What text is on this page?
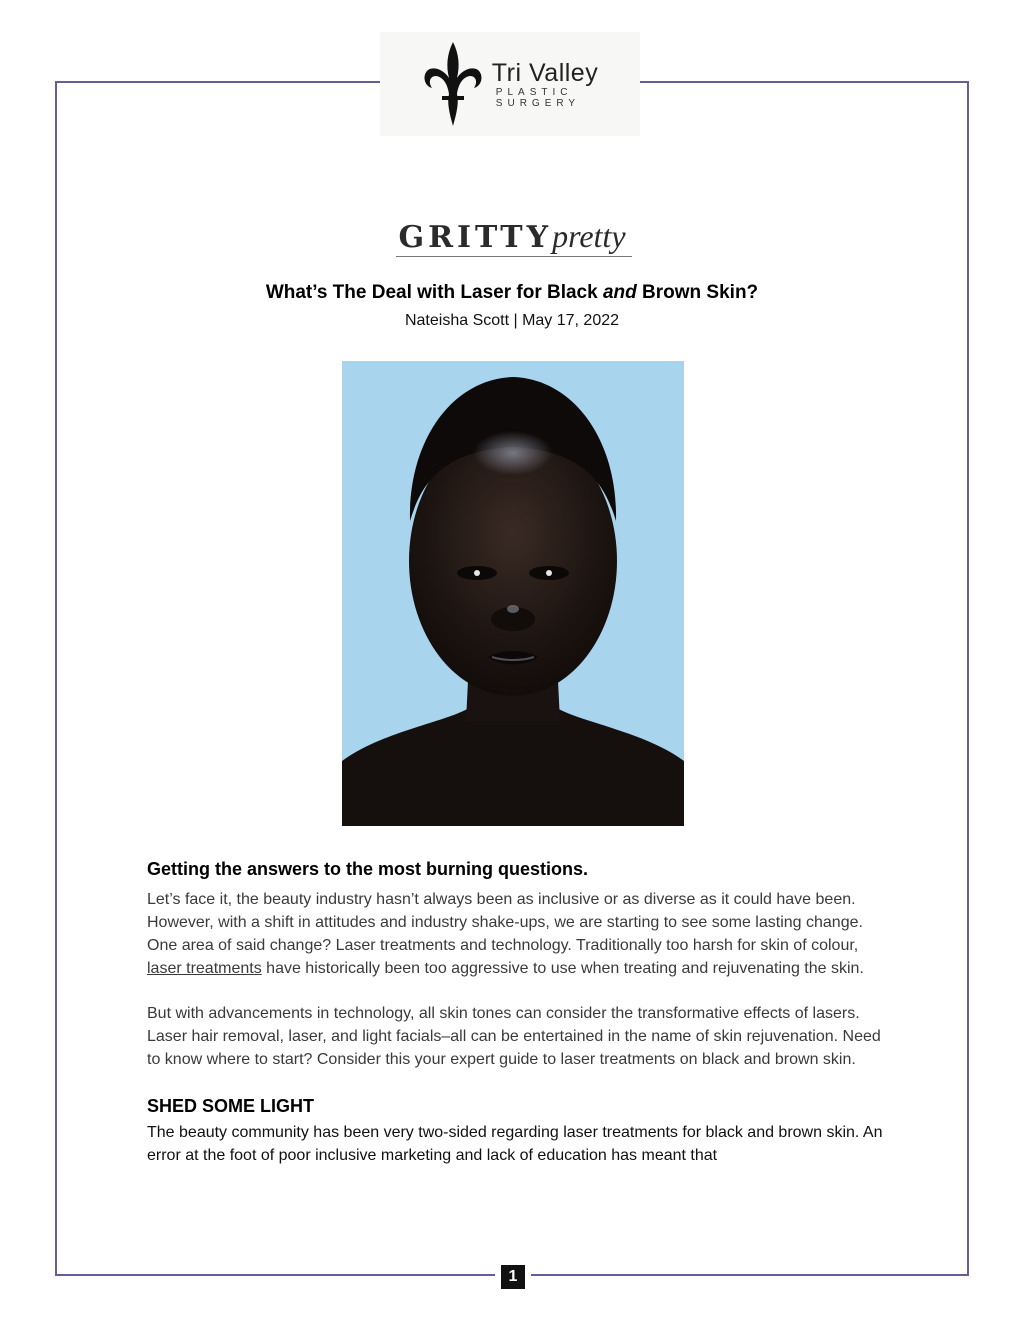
Tri Valley
PLASTIC
SURGERY
GRITTYpretty
What’s The Deal with Laser for Black and Brown Skin?
Nateisha Scott | May 17, 2022
Getting the answers to the most burning questions.

Let’s face it, the beauty industry hasn’t always been as inclusive or as diverse as it could have been. However, with a shift in attitudes and industry shake-ups, we are starting to see some lasting change. One area of said change? Laser treatments and technology. Traditionally too harsh for skin of colour, laser treatments have historically been too aggressive to use when treating and rejuvenating the skin.

But with advancements in technology, all skin tones can consider the transformative effects of lasers. Laser hair removal, laser, and light facials–all can be entertained in the name of skin rejuvenation. Need to know where to start? Consider this your expert guide to laser treatments on black and brown skin.

SHED SOME LIGHT

The beauty community has been very two-sided regarding laser treatments for black and brown skin. An error at the foot of poor inclusive marketing and lack of education has meant that

1
